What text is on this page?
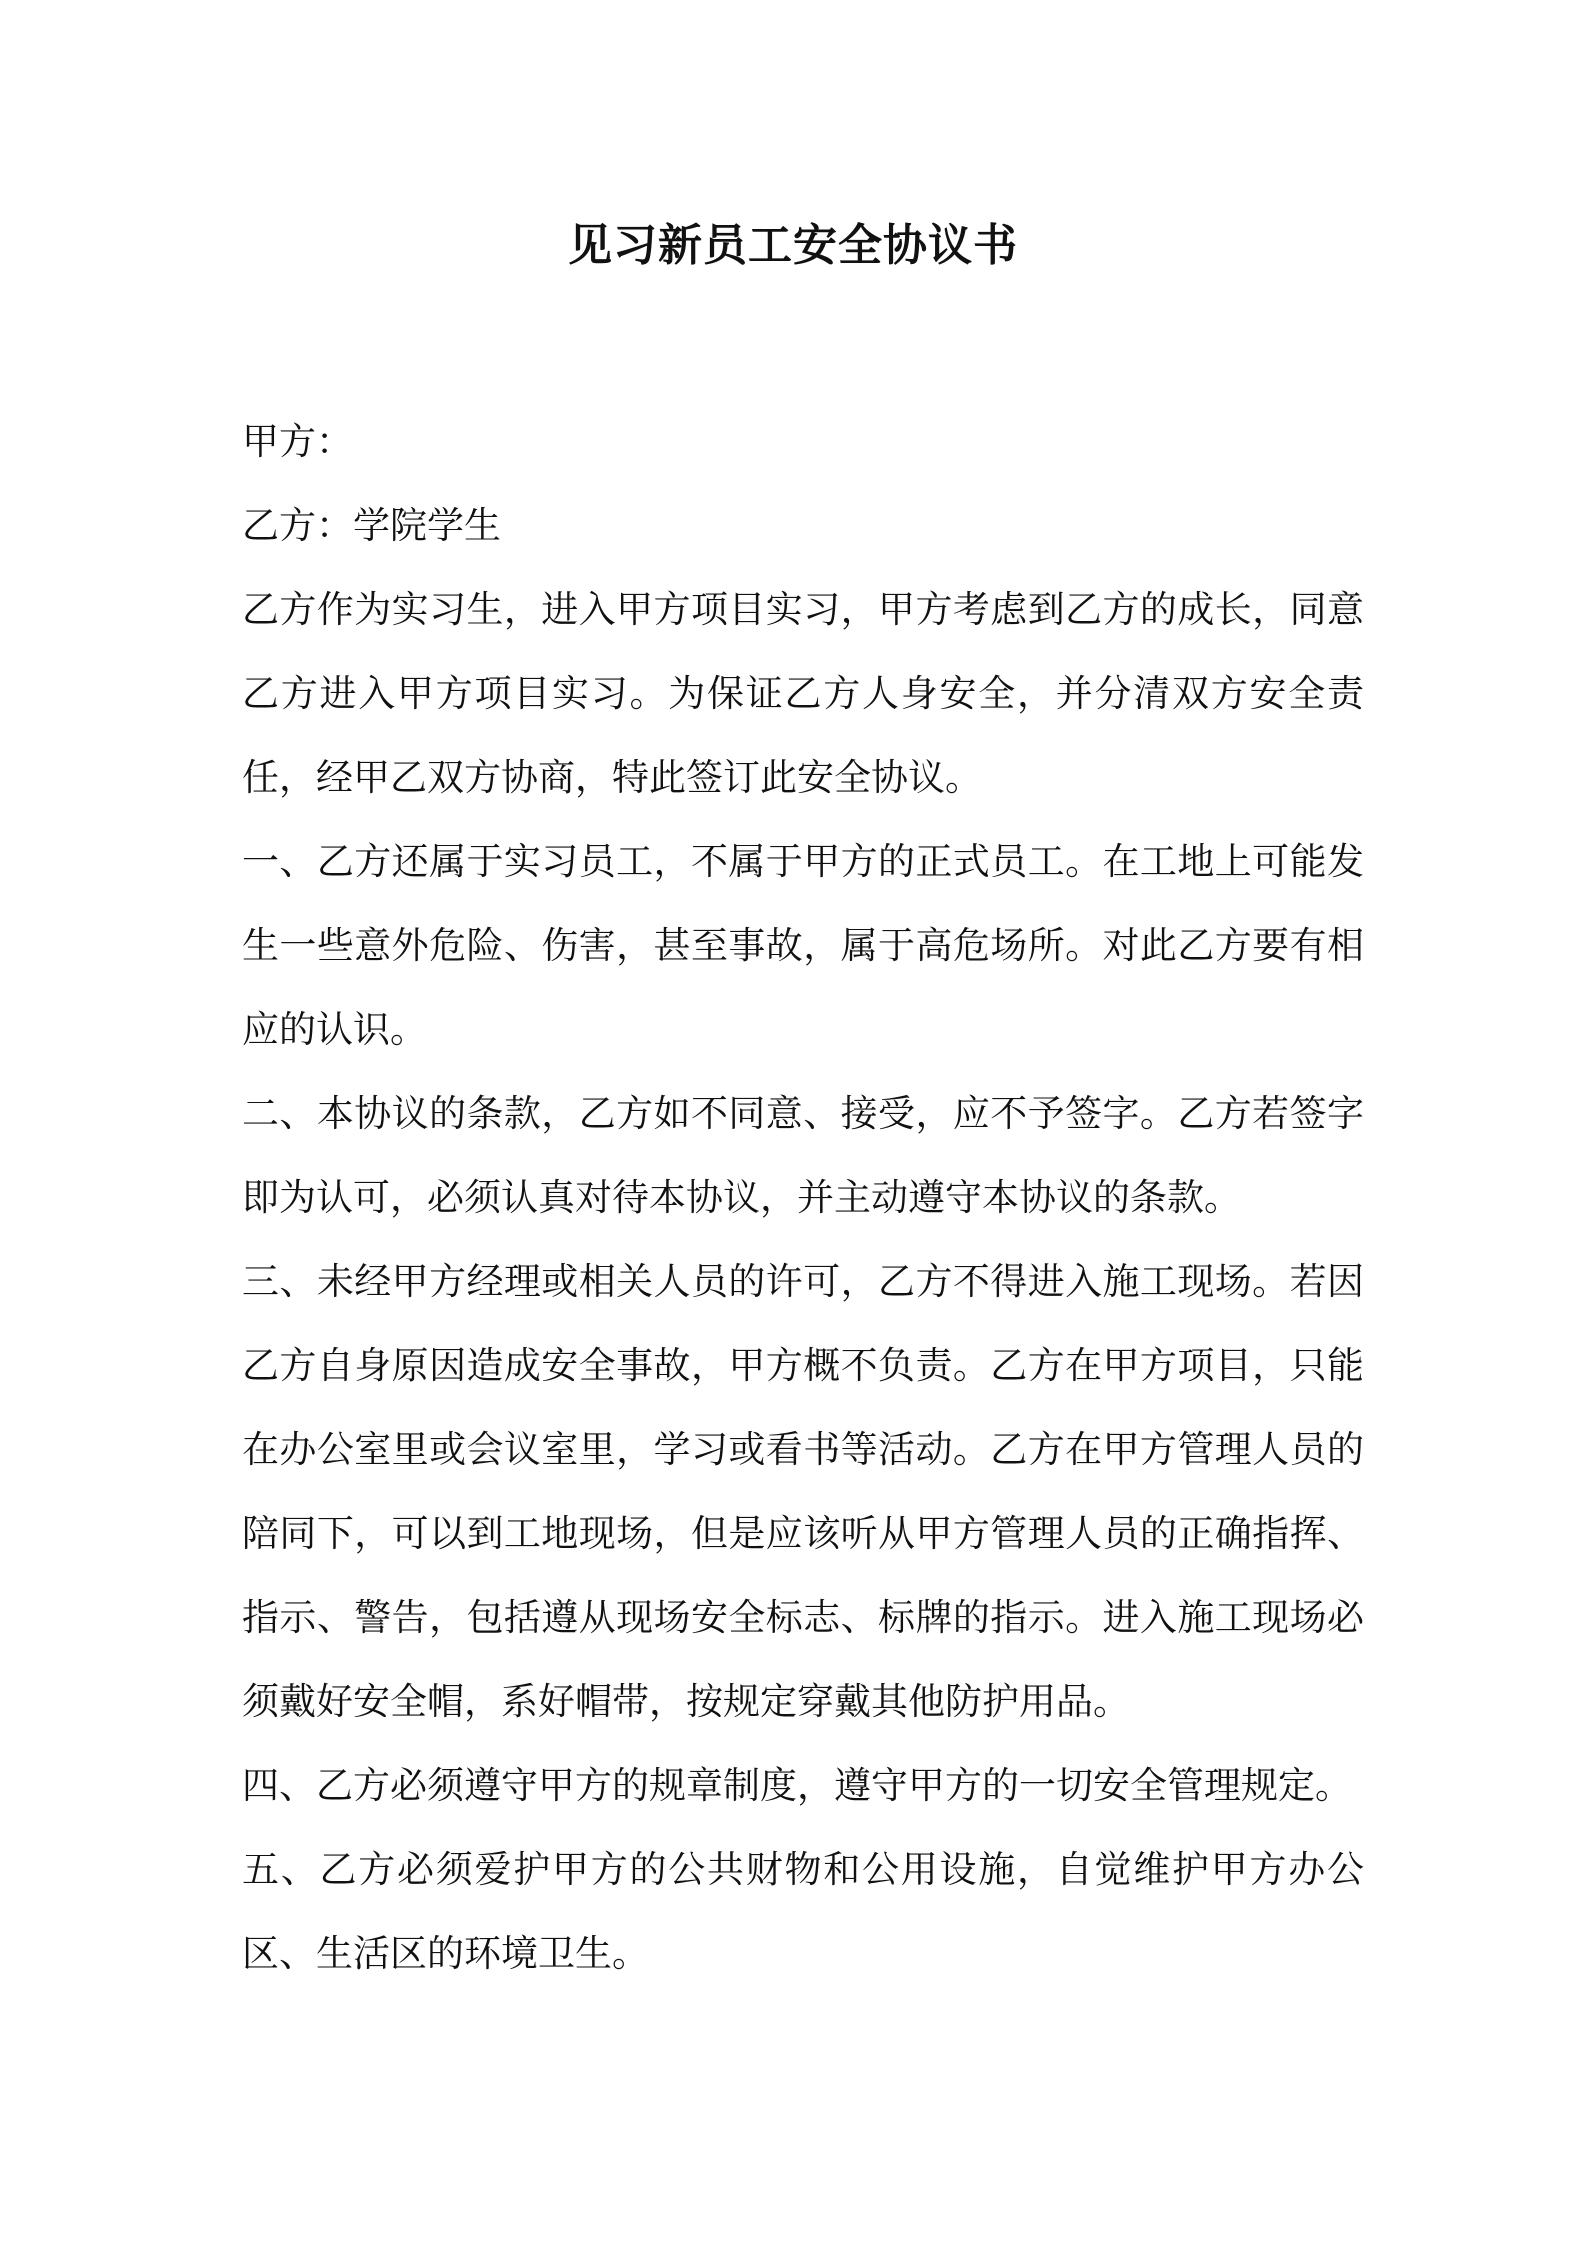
见习新员工安全协议书

甲方：

乙方：学院学生

乙方作为实习生，进入甲方项目实习，甲方考虑到乙方的成长，同意乙方进入甲方项目实习。为保证乙方人身安全，并分清双方安全责任，经甲乙双方协商，特此签订此安全协议。

一、乙方还属于实习员工，不属于甲方的正式员工。在工地上可能发生一些意外危险、伤害，甚至事故，属于高危场所。对此乙方要有相应的认识。

二、本协议的条款，乙方如不同意、接受，应不予签字。乙方若签字即为认可，必须认真对待本协议，并主动遵守本协议的条款。

三、未经甲方经理或相关人员的许可，乙方不得进入施工现场。若因乙方自身原因造成安全事故，甲方概不负责。乙方在甲方项目，只能在办公室里或会议室里，学习或看书等活动。乙方在甲方管理人员的陪同下，可以到工地现场，但是应该听从甲方管理人员的正确指挥、指示、警告，包括遵从现场安全标志、标牌的指示。进入施工现场必须戴好安全帽，系好帽带，按规定穿戴其他防护用品。

四、乙方必须遵守甲方的规章制度，遵守甲方的一切安全管理规定。

五、乙方必须爱护甲方的公共财物和公用设施，自觉维护甲方办公区、生活区的环境卫生。
